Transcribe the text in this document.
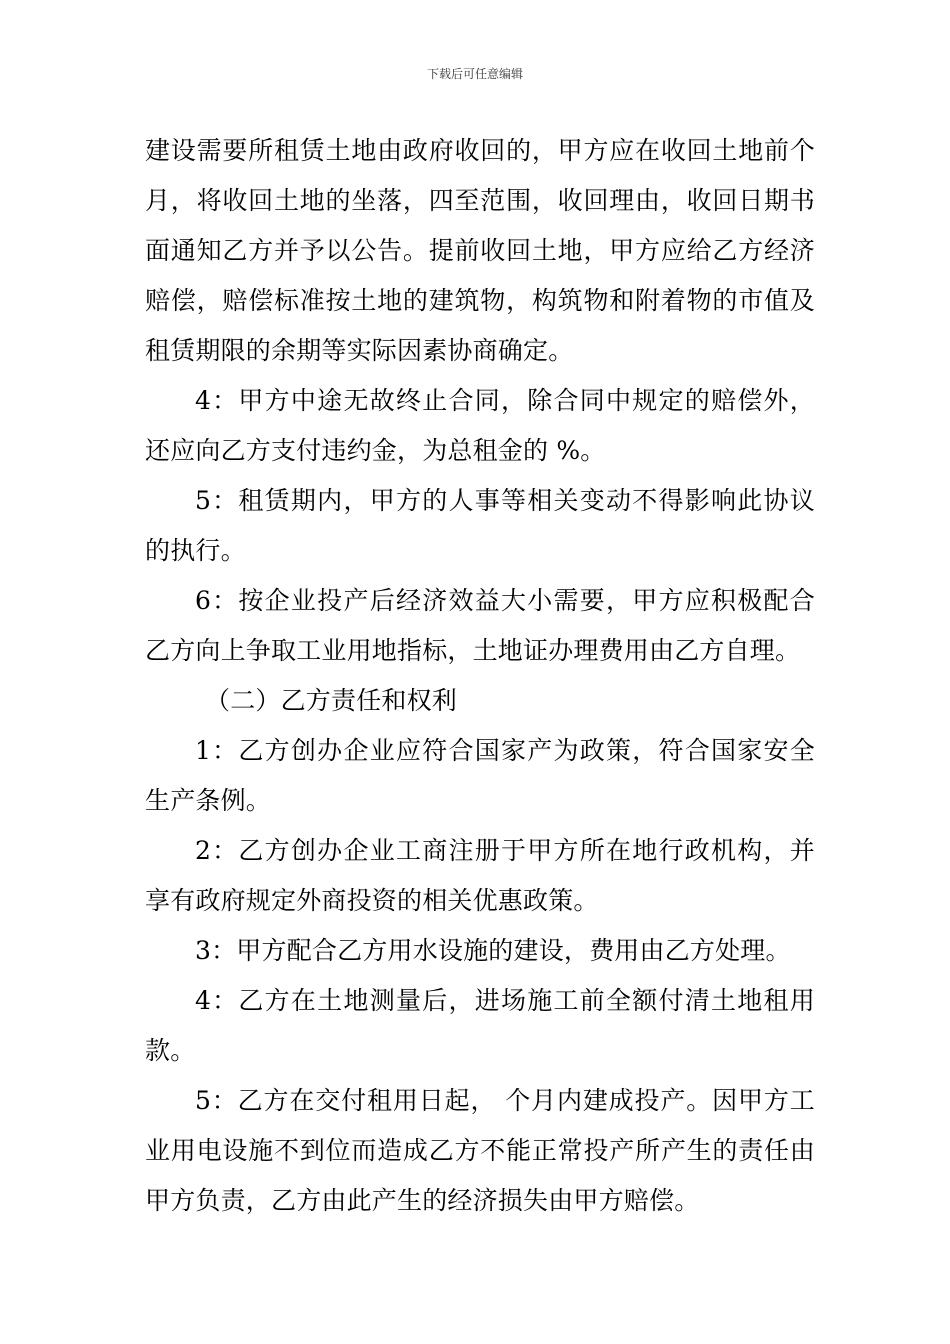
下载后可任意编辑

建设需要所租赁土地由政府收回的，甲方应在收回土地前个月，将收回土地的坐落，四至范围，收回理由，收回日期书面通知乙方并予以公告。提前收回土地，甲方应给乙方经济赔偿，赔偿标准按土地的建筑物，构筑物和附着物的市值及租赁期限的余期等实际因素协商确定。

4：甲方中途无故终止合同，除合同中规定的赔偿外，还应向乙方支付违约金，为总租金的 %。

5：租赁期内，甲方的人事等相关变动不得影响此协议的执行。

6：按企业投产后经济效益大小需要，甲方应积极配合乙方向上争取工业用地指标，土地证办理费用由乙方自理。

（二）乙方责任和权利

1：乙方创办企业应符合国家产为政策，符合国家安全生产条例。

2：乙方创办企业工商注册于甲方所在地行政机构，并享有政府规定外商投资的相关优惠政策。

3：甲方配合乙方用水设施的建设，费用由乙方处理。

4：乙方在土地测量后，进场施工前全额付清土地租用款。

5：乙方在交付租用日起， 个月内建成投产。因甲方工业用电设施不到位而造成乙方不能正常投产所产生的责任由甲方负责，乙方由此产生的经济损失由甲方赔偿。
